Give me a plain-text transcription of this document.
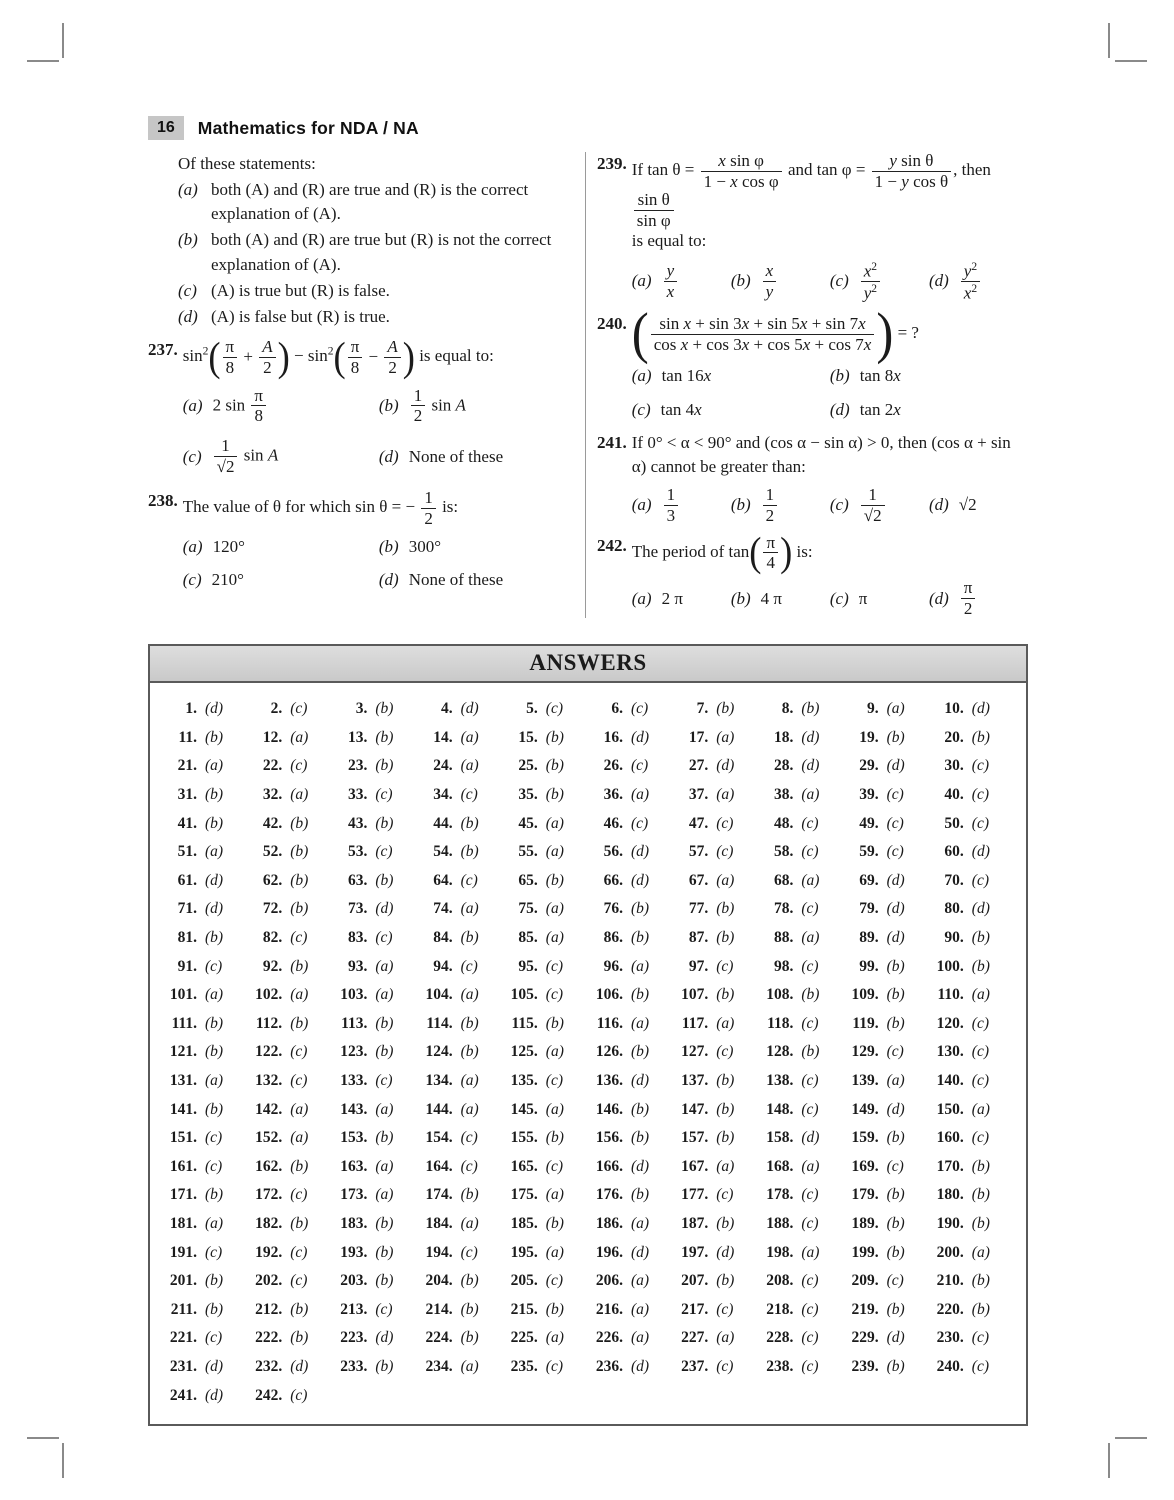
16	Mathematics for NDA / NA

Of these statements:

(a) both (A) and (R) are true and (R) is the correct explanation of (A).
(b) both (A) and (R) are true but (R) is not the correct explanation of (A).
(c) (A) is true but (R) is false.
(d) (A) is false but (R) is true.
237. $\sin^2$ ( $\frac{\pi}{8} + \frac{A}{2}$ ) − $\sin^2$ ( $\frac{\pi}{8} - \frac{A}{2}$ ) is equal to:
(a) 2 $\sin \frac{\pi}{8}$	$(b) \frac{1}{2}$ sin A
$(c) \frac{1}{√2}$ sin A	(d) None of these
238. The value of θ for which sin θ = − $\frac{1}{2}$ is:
(a) 120°	(b) 300°
(c) 210°	(d) None of these
239. If $\tan \theta = \frac{\text{x sin φ}}{\text{1 − x cos φ}}$ and $\tan \varphi = \frac{\text{y sin θ}}{\text{1 − y cos θ}}$ , then
$\frac{\text{sin θ}}{\text{sin φ}}$

is equal to:
$(a) \frac{y}{x}$	$(b) \frac{x}{y}$	$(c) \frac{x^2}{y^2}$	$(d) \frac{y^2}{x^2}$
240. ( $\frac{\text{sin x + sin 3x + sin 5x + sin 7x}}{\text{cos x + cos 3x + cos 5x + cos 7x}}$ ) = ?
(a) tan 16x	(b) tan 8x
(c) tan 4x	(d) tan 2x
241. If 0° < α < 90° and (cos α − sin α) > 0, then (cos α + sin α) cannot be greater than:
$(a) \frac{1}{3}$	$(b) \frac{1}{2}$	$(c) \frac{1}{√2}$	(d) √2
242. The period of tan ( $\frac{\pi}{4}$ ) is:
(a) 2 π	(b) 4 π	(c) π	$(d) \frac{\pi}{2}$
ANSWERS
1. (d)	2. (c)	3. (b)	4. (d)	5. (c)	6. (c)	7. (b)	8. (b)	9. (a)	10. (d)
11. (b)	12. (a)	13. (b)	14. (a)	15. (b)	16. (d)	17. (a)	18. (d)	19. (b)	20. (b)
21. (a)	22. (c)	23. (b)	24. (a)	25. (b)	26. (c)	27. (d)	28. (d)	29. (d)	30. (c)
31. (b)	32. (a)	33. (c)	34. (c)	35. (b)	36. (a)	37. (a)	38. (a)	39. (c)	40. (c)
41. (b)	42. (b)	43. (b)	44. (b)	45. (a)	46. (c)	47. (c)	48. (c)	49. (c)	50. (c)
51. (a)	52. (b)	53. (c)	54. (b)	55. (a)	56. (d)	57. (c)	58. (c)	59. (c)	60. (d)
61. (d)	62. (b)	63. (b)	64. (c)	65. (b)	66. (d)	67. (a)	68. (a)	69. (d)	70. (c)
71. (d)	72. (b)	73. (d)	74. (a)	75. (a)	76. (b)	77. (b)	78. (c)	79. (d)	80. (d)
81. (b)	82. (c)	83. (c)	84. (b)	85. (a)	86. (b)	87. (b)	88. (a)	89. (d)	90. (b)
91. (c)	92. (b)	93. (a)	94. (c)	95. (c)	96. (a)	97. (c)	98. (c)	99. (b)	100. (b)
101. (a)	102. (a)	103. (a)	104. (a)	105. (c)	106. (b)	107. (b)	108. (b)	109. (b)	110. (a)
111. (b)	112. (b)	113. (b)	114. (b)	115. (b)	116. (a)	117. (a)	118. (c)	119. (b)	120. (c)
121. (b)	122. (c)	123. (b)	124. (b)	125. (a)	126. (b)	127. (c)	128. (b)	129. (c)	130. (c)
131. (a)	132. (c)	133. (c)	134. (a)	135. (c)	136. (d)	137. (b)	138. (c)	139. (a)	140. (c)
141. (b)	142. (a)	143. (a)	144. (a)	145. (a)	146. (b)	147. (b)	148. (c)	149. (d)	150. (a)
151. (c)	152. (a)	153. (b)	154. (c)	155. (b)	156. (b)	157. (b)	158. (d)	159. (b)	160. (c)
161. (c)	162. (b)	163. (a)	164. (c)	165. (c)	166. (d)	167. (a)	168. (a)	169. (c)	170. (b)
171. (b)	172. (c)	173. (a)	174. (b)	175. (a)	176. (b)	177. (c)	178. (c)	179. (b)	180. (b)
181. (a)	182. (b)	183. (b)	184. (a)	185. (b)	186. (a)	187. (b)	188. (c)	189. (b)	190. (b)
191. (c)	192. (c)	193. (b)	194. (c)	195. (a)	196. (d)	197. (d)	198. (a)	199. (b)	200. (a)
201. (b)	202. (c)	203. (b)	204. (b)	205. (c)	206. (a)	207. (b)	208. (c)	209. (c)	210. (b)
211. (b)	212. (b)	213. (c)	214. (b)	215. (b)	216. (a)	217. (c)	218. (c)	219. (b)	220. (b)
221. (c)	222. (b)	223. (d)	224. (b)	225. (a)	226. (a)	227. (a)	228. (c)	229. (d)	230. (c)
231. (d)	232. (d)	233. (b)	234. (a)	235. (c)	236. (d)	237. (c)	238. (c)	239. (b)	240. (c)
241. (d)	242. (c)
